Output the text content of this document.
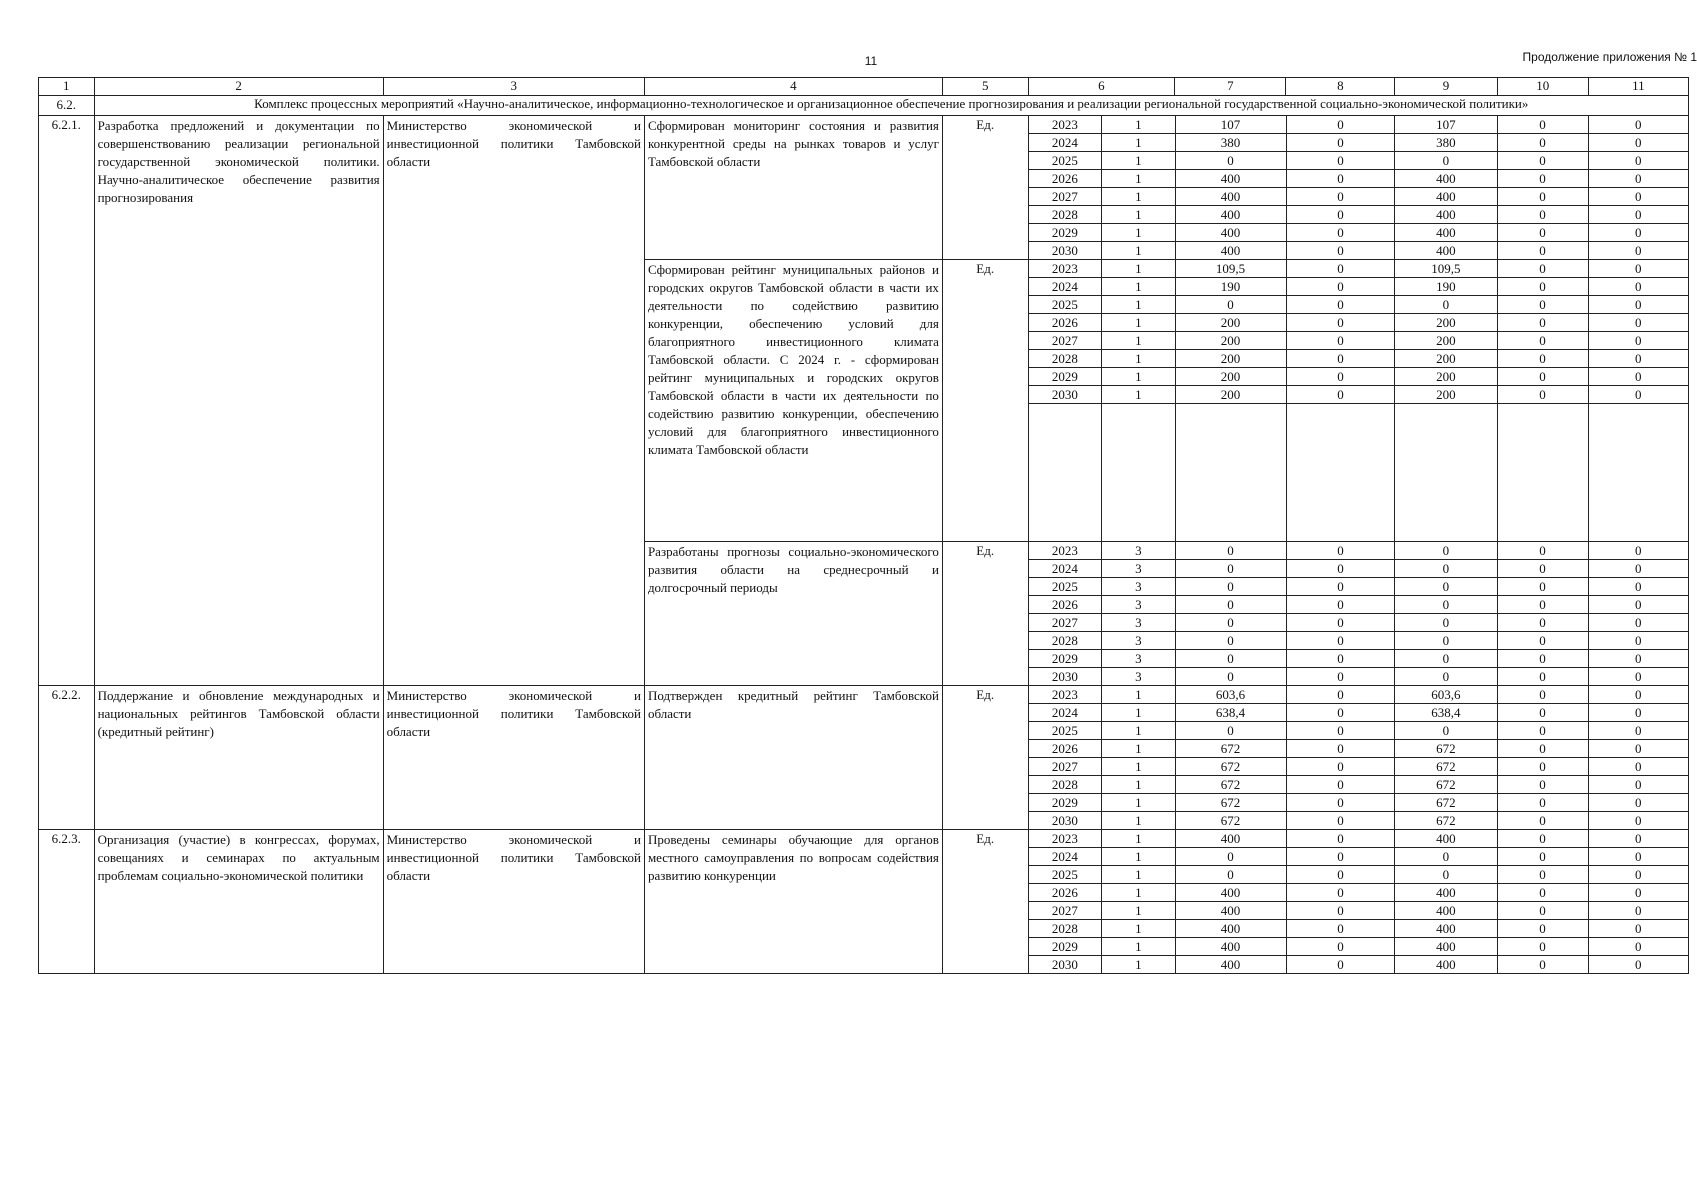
11	Продолжение приложения № 1
1	2	3	4	5	6	7	8	9	10	11
6.2.	Комплекс процессных мероприятий «Научно-аналитическое, информационно-технологическое и организационное обеспечение прогнозирования и реализации региональной государственной социально-экономической политики»
6.2.1.	Разработка предложений и документации по совершенствованию реализации региональной государственной экономической политики. Научно-аналитическое обеспечение развития прогнозирования	Министерство экономической и инвестиционной политики Тамбовской области	Сформирован мониторинг состояния и развития конкурентной среды на рынках товаров и услуг Тамбовской области	Ед.		2023	1	107	0	107	0	0
2024	1	380	0	380	0	0
2025	1	0	0	0	0	0
2026	1	400	0	400	0	0
2027	1	400	0	400	0	0
2028	1	400	0	400	0	0
2029	1	400	0	400	0	0
2030	1	400	0	400	0	0

Сформирован рейтинг муниципальных районов и городских округов Тамбовской области в части их деятельности по содействию развитию конкуренции, обеспечению условий для благоприятного инвестиционного климата Тамбовской области. С 2024 г. - сформирован рейтинг муниципальных и городских округов Тамбовской области в части их деятельности по содействию развитию конкуренции, обеспечению условий для благоприятного инвестиционного климата Тамбовской области	Ед.		2023	1	109,5	0	109,5	0	0
2024	1	190	0	190	0	0
2025	1	0	0	0	0	0
2026	1	200	0	200	0	0
2027	1	200	0	200	0	0
2028	1	200	0	200	0	0
2029	1	200	0	200	0	0
2030	1	200	0	200	0	0

Разработаны прогнозы социально-экономического развития области на среднесрочный и долгосрочный периоды	Ед.		2023	3	0	0	0	0	0
2024	3	0	0	0	0	0
2025	3	0	0	0	0	0
2026	3	0	0	0	0	0
2027	3	0	0	0	0	0
2028	3	0	0	0	0	0
2029	3	0	0	0	0	0
2030	3	0	0	0	0	0

6.2.2.	Поддержание и обновление международных и национальных рейтингов Тамбовской области (кредитный рейтинг)	Министерство экономической и инвестиционной политики Тамбовской области	Подтвержден кредитный рейтинг Тамбовской области	Ед.		2023	1	603,6	0	603,6	0	0
2024	1	638,4	0	638,4	0	0
2025	1	0	0	0	0	0
2026	1	672	0	672	0	0
2027	1	672	0	672	0	0
2028	1	672	0	672	0	0
2029	1	672	0	672	0	0
2030	1	672	0	672	0	0

6.2.3.	Организация (участие) в конгрессах, форумах, совещаниях и семинарах по актуальным проблемам социально-экономической политики	Министерство экономической и инвестиционной политики Тамбовской области	Проведены семинары обучающие для органов местного самоуправления по вопросам содействия развитию конкуренции	Ед.		2023	1	400	0	400	0	0
2024	1	0	0	0	0	0
2025	1	0	0	0	0	0
2026	1	400	0	400	0	0
2027	1	400	0	400	0	0
2028	1	400	0	400	0	0
2029	1	400	0	400	0	0
2030	1	400	0	400	0	0
